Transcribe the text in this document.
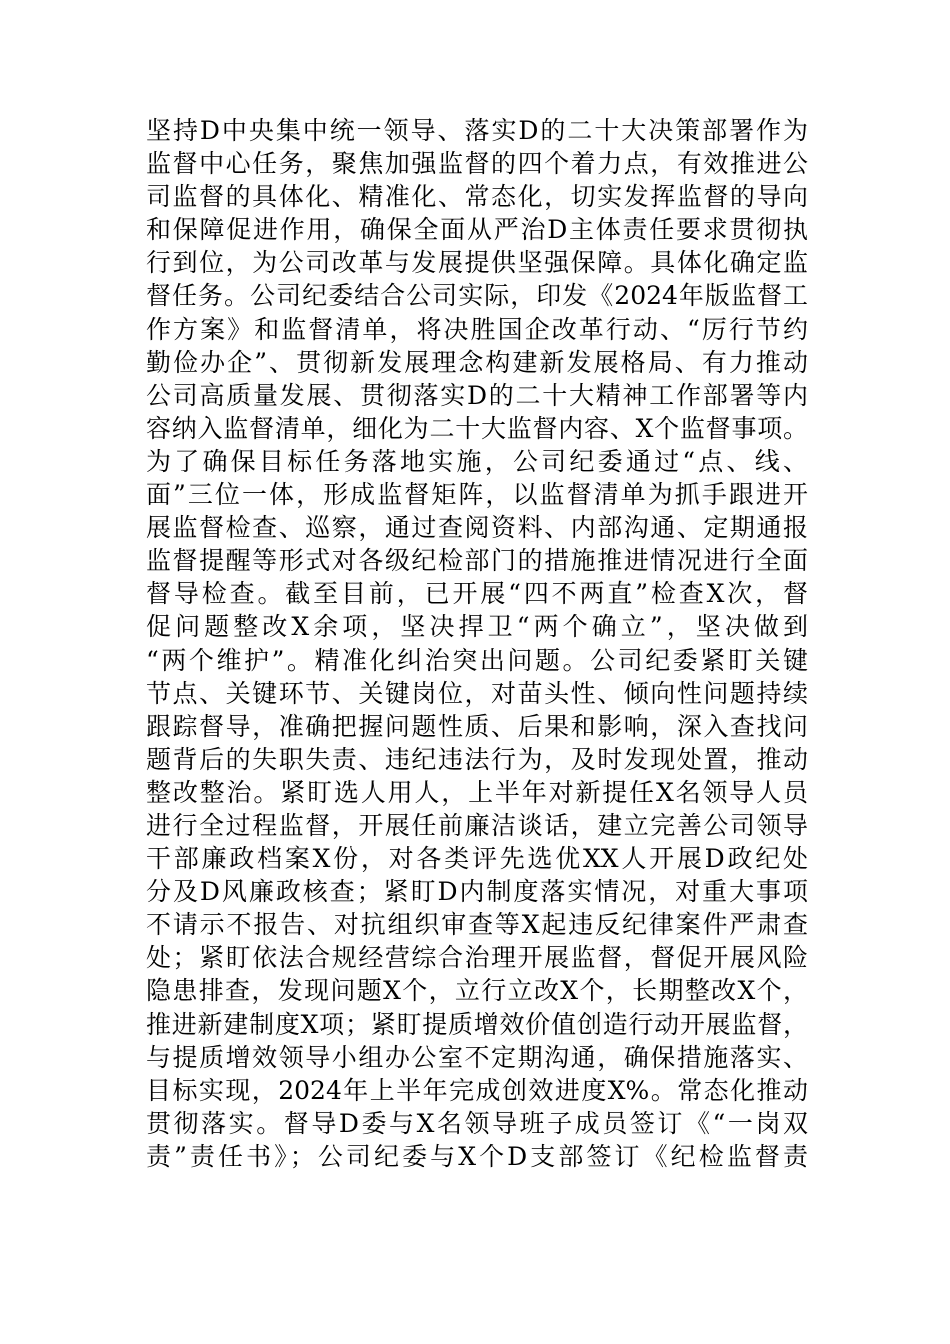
坚持D中央集中统一领导、落实D的二十大决策部署作为
监督中心任务，聚焦加强监督的四个着力点，有效推进公
司监督的具体化、精准化、常态化，切实发挥监督的导向
和保障促进作用，确保全面从严治D主体责任要求贯彻执
行到位，为公司改革与发展提供坚强保障。具体化确定监
督任务。公司纪委结合公司实际，印发《2024年版监督工
作方案》和监督清单，将决胜国企改革行动、“厉行节约
勤俭办企”、贯彻新发展理念构建新发展格局、有力推动
公司高质量发展、贯彻落实D的二十大精神工作部署等内
容纳入监督清单，细化为二十大监督内容、X个监督事项。
为了确保目标任务落地实施，公司纪委通过“点、线、
面”三位一体，形成监督矩阵，以监督清单为抓手跟进开
展监督检查、巡察，通过查阅资料、内部沟通、定期通报
监督提醒等形式对各级纪检部门的措施推进情况进行全面
督导检查。截至目前，已开展“四不两直”检查X次，督
促问题整改X余项，坚决捍卫“两个确立”，坚决做到
“两个维护”。精准化纠治突出问题。公司纪委紧盯关键
节点、关键环节、关键岗位，对苗头性、倾向性问题持续
跟踪督导，准确把握问题性质、后果和影响，深入查找问
题背后的失职失责、违纪违法行为，及时发现处置，推动
整改整治。紧盯选人用人，上半年对新提任X名领导人员
进行全过程监督，开展任前廉洁谈话，建立完善公司领导
干部廉政档案X份，对各类评先选优XX人开展D政纪处
分及D风廉政核查；紧盯D内制度落实情况，对重大事项
不请示不报告、对抗组织审查等X起违反纪律案件严肃查
处；紧盯依法合规经营综合治理开展监督，督促开展风险
隐患排查，发现问题X个，立行立改X个，长期整改X个，
推进新建制度X项；紧盯提质增效价值创造行动开展监督，
与提质增效领导小组办公室不定期沟通，确保措施落实、
目标实现，2024年上半年完成创效进度X%。常态化推动
贯彻落实。督导D委与X名领导班子成员签订《“一岗双
责”责任书》；公司纪委与X个D支部签订《纪检监督责
